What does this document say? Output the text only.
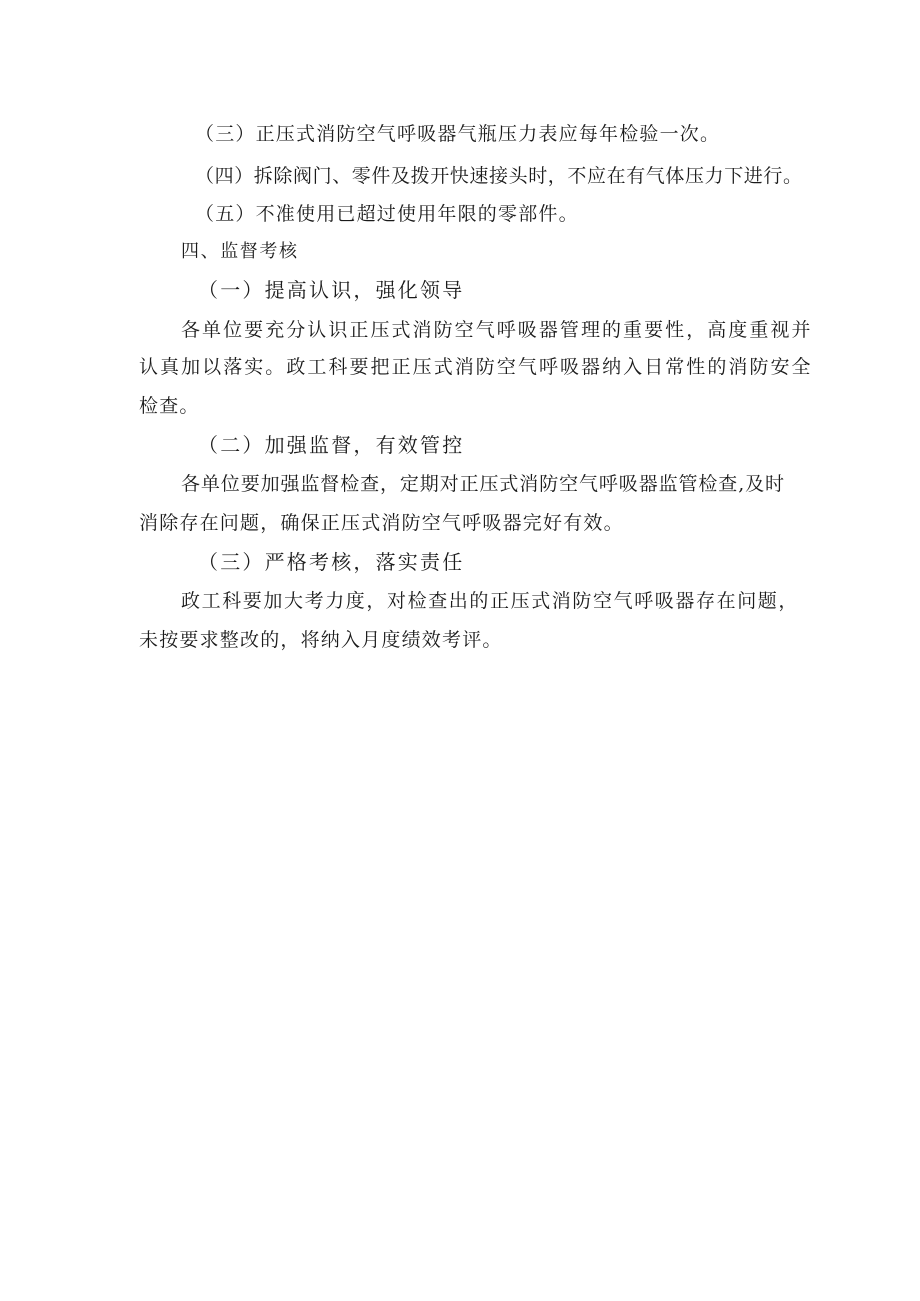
（三）正压式消防空气呼吸器气瓶压力表应每年检验一次。
（四）拆除阀门、零件及拨开快速接头时，不应在有气体压力下进行。
（五）不准使用已超过使用年限的零部件。
四、监督考核
（一）提高认识，强化领导
各单位要充分认识正压式消防空气呼吸器管理的重要性，高度重视并
认真加以落实。政工科要把正压式消防空气呼吸器纳入日常性的消防安全
检查。
（二）加强监督，有效管控
各单位要加强监督检查，定期对正压式消防空气呼吸器监管检查,及时
消除存在问题，确保正压式消防空气呼吸器完好有效。
（三）严格考核，落实责任
政工科要加大考力度，对检查出的正压式消防空气呼吸器存在问题，
未按要求整改的，将纳入月度绩效考评。
